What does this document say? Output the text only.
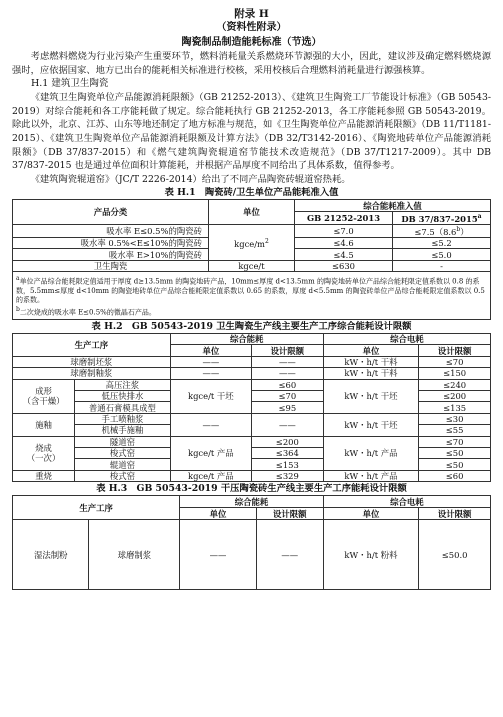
附录 H
（资料性附录）
陶瓷制品制造能耗标准（节选）

考虑燃料燃烧为行业污染产生重要环节，燃料消耗量关系燃烧环节源强的大小，因此，建议涉及确定燃料燃烧源强时，应依据国家、地方已出台的能耗相关标准进行校核，采用校核后合理燃料消耗量进行源强核算。

H.1 建筑卫生陶瓷

《建筑卫生陶瓷单位产品能源消耗限额》（GB 21252-2013）、《建筑卫生陶瓷工厂节能设计标准》（GB 50543-2019）对综合能耗和各工序能耗做了规定。综合能耗执行 GB 21252-2013，各工序能耗参照 GB 50543-2019。除此以外，北京、江苏、山东等地还制定了地方标准与规范，如《卫生陶瓷单位产品能源消耗限额》（DB 11/T1181-2015）、《建筑卫生陶瓷单位产品能源消耗限额及计算方法》（DB 32/T3142-2016）、《陶瓷地砖单位产品能源消耗限额》（DB 37/837-2015）和《燃气建筑陶瓷辊道窑节能技术改造规范》（DB 37/T1217-2009）。其中 DB 37/837-2015 也是通过单位面积计算能耗，并根据产品厚度不同给出了具体系数，值得参考。

《建筑陶瓷辊道窑》（JC/T 2226-2014）给出了不同产品陶瓷砖辊道窑热耗。

表 H.1　陶瓷砖/卫生单位产品能耗准入值
产品分类	单位	综合能耗准入值	
		GB 21252-2013	DB 37/837-2015$^a$
吸水率 E≤0.5%的陶瓷砖	kgce/$m^2$	≤7.0	≤7.5（8.6$^b$）
吸水率 0.5%<E≤10%的陶瓷砖		≤4.6	≤5.2
吸水率 E>10%的陶瓷砖		≤4.5	≤5.0
卫生陶瓷	kgce/t	≤630	-

$^a$单位产品综合能耗限定值适用于厚度 d≥13.5mm 的陶瓷地砖产品，10mm≤厚度 d<13.5mm 的陶瓷地砖单位产品综合能耗限定值系数以 0.8 的系数，5.5mm≤厚度 d<10mm 的陶瓷地砖单位产品综合能耗限定值系数以 0.65 的系数，厚度 d<5.5mm 的陶瓷砖单位产品综合能耗限定值系数以 0.5 的系数。
$^b$二次烧成的吸水率 E≤0.5%的微晶石产品。			
表 H.2　GB 50543-2019 卫生陶瓷生产线主要生产工序综合能耗设计限额
生产工序		综合能耗		综合电耗	
		单位	设计限额	单位	设计限额
球磨制坯浆		——	——	kW・h/t 干料	≤70
球磨制釉浆		——	——	kW・h/t 干料	≤150

成形
（含干燥）	高压注浆	kgce/t 干坯	≤60	kW・h/t 干坯	≤240
	低压快排水		≤70		≤200
	普通石膏模具成型		≤95		≤135
施釉	手工喷釉浆	——	——	kW・h/t 干坯	≤30
	机械手施釉				≤55

烧成
（一次）	隧道窑	kgce/t 产品	≤200	kW・h/t 产品	≤70
	梭式窑		≤364		≤50
	辊道窑		≤153		≤50
重烧	梭式窑	kgce/t 产品	≤329	kW・h/t 产品	≤60
表 H.3　GB 50543-2019 干压陶瓷砖生产线主要生产工序能耗设计限额
生产工序		综合能耗		综合电耗	
		单位	设计限额	单位	设计限额
湿法制粉	球磨制浆	——	——	kW・h/t 粉料	≤50.0
